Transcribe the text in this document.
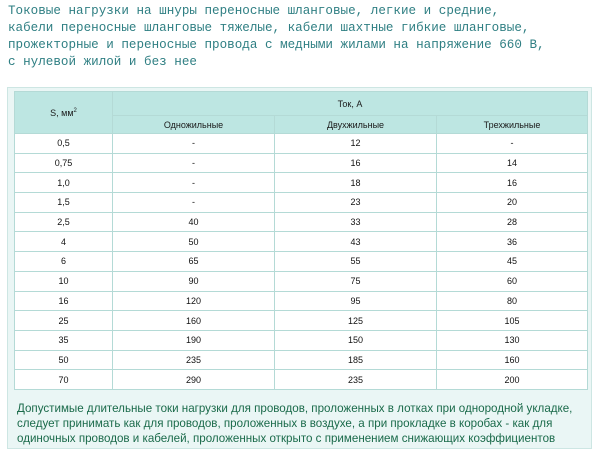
Токовые нагрузки на шнуры переносные шланговые, легкие и средние,
кабели переносные шланговые тяжелые, кабели шахтные гибкие шланговые,
прожекторные и переносные провода с медными жилами на напряжение 660 В,
с нулевой жилой и без нее

S, $мм^2$	Ток, А		
	Одножильные	Двухжильные	Трехжильные
0,5	-	12	-
0,75	-	16	14
1,0	-	18	16
1,5	-	23	20
2,5	40	33	28
4	50	43	36
6	65	55	45
10	90	75	60
16	120	95	80
25	160	125	105
35	190	150	130
50	235	185	160
70	290	235	200

Допустимые длительные токи нагрузки для проводов, проложенных в лотках при однородной укладке, следует принимать как для проводов, проложенных в воздухе, а при прокладке в коробах - как для одиночных проводов и кабелей, проложенных открыто с применением снижающих коэффициентов
